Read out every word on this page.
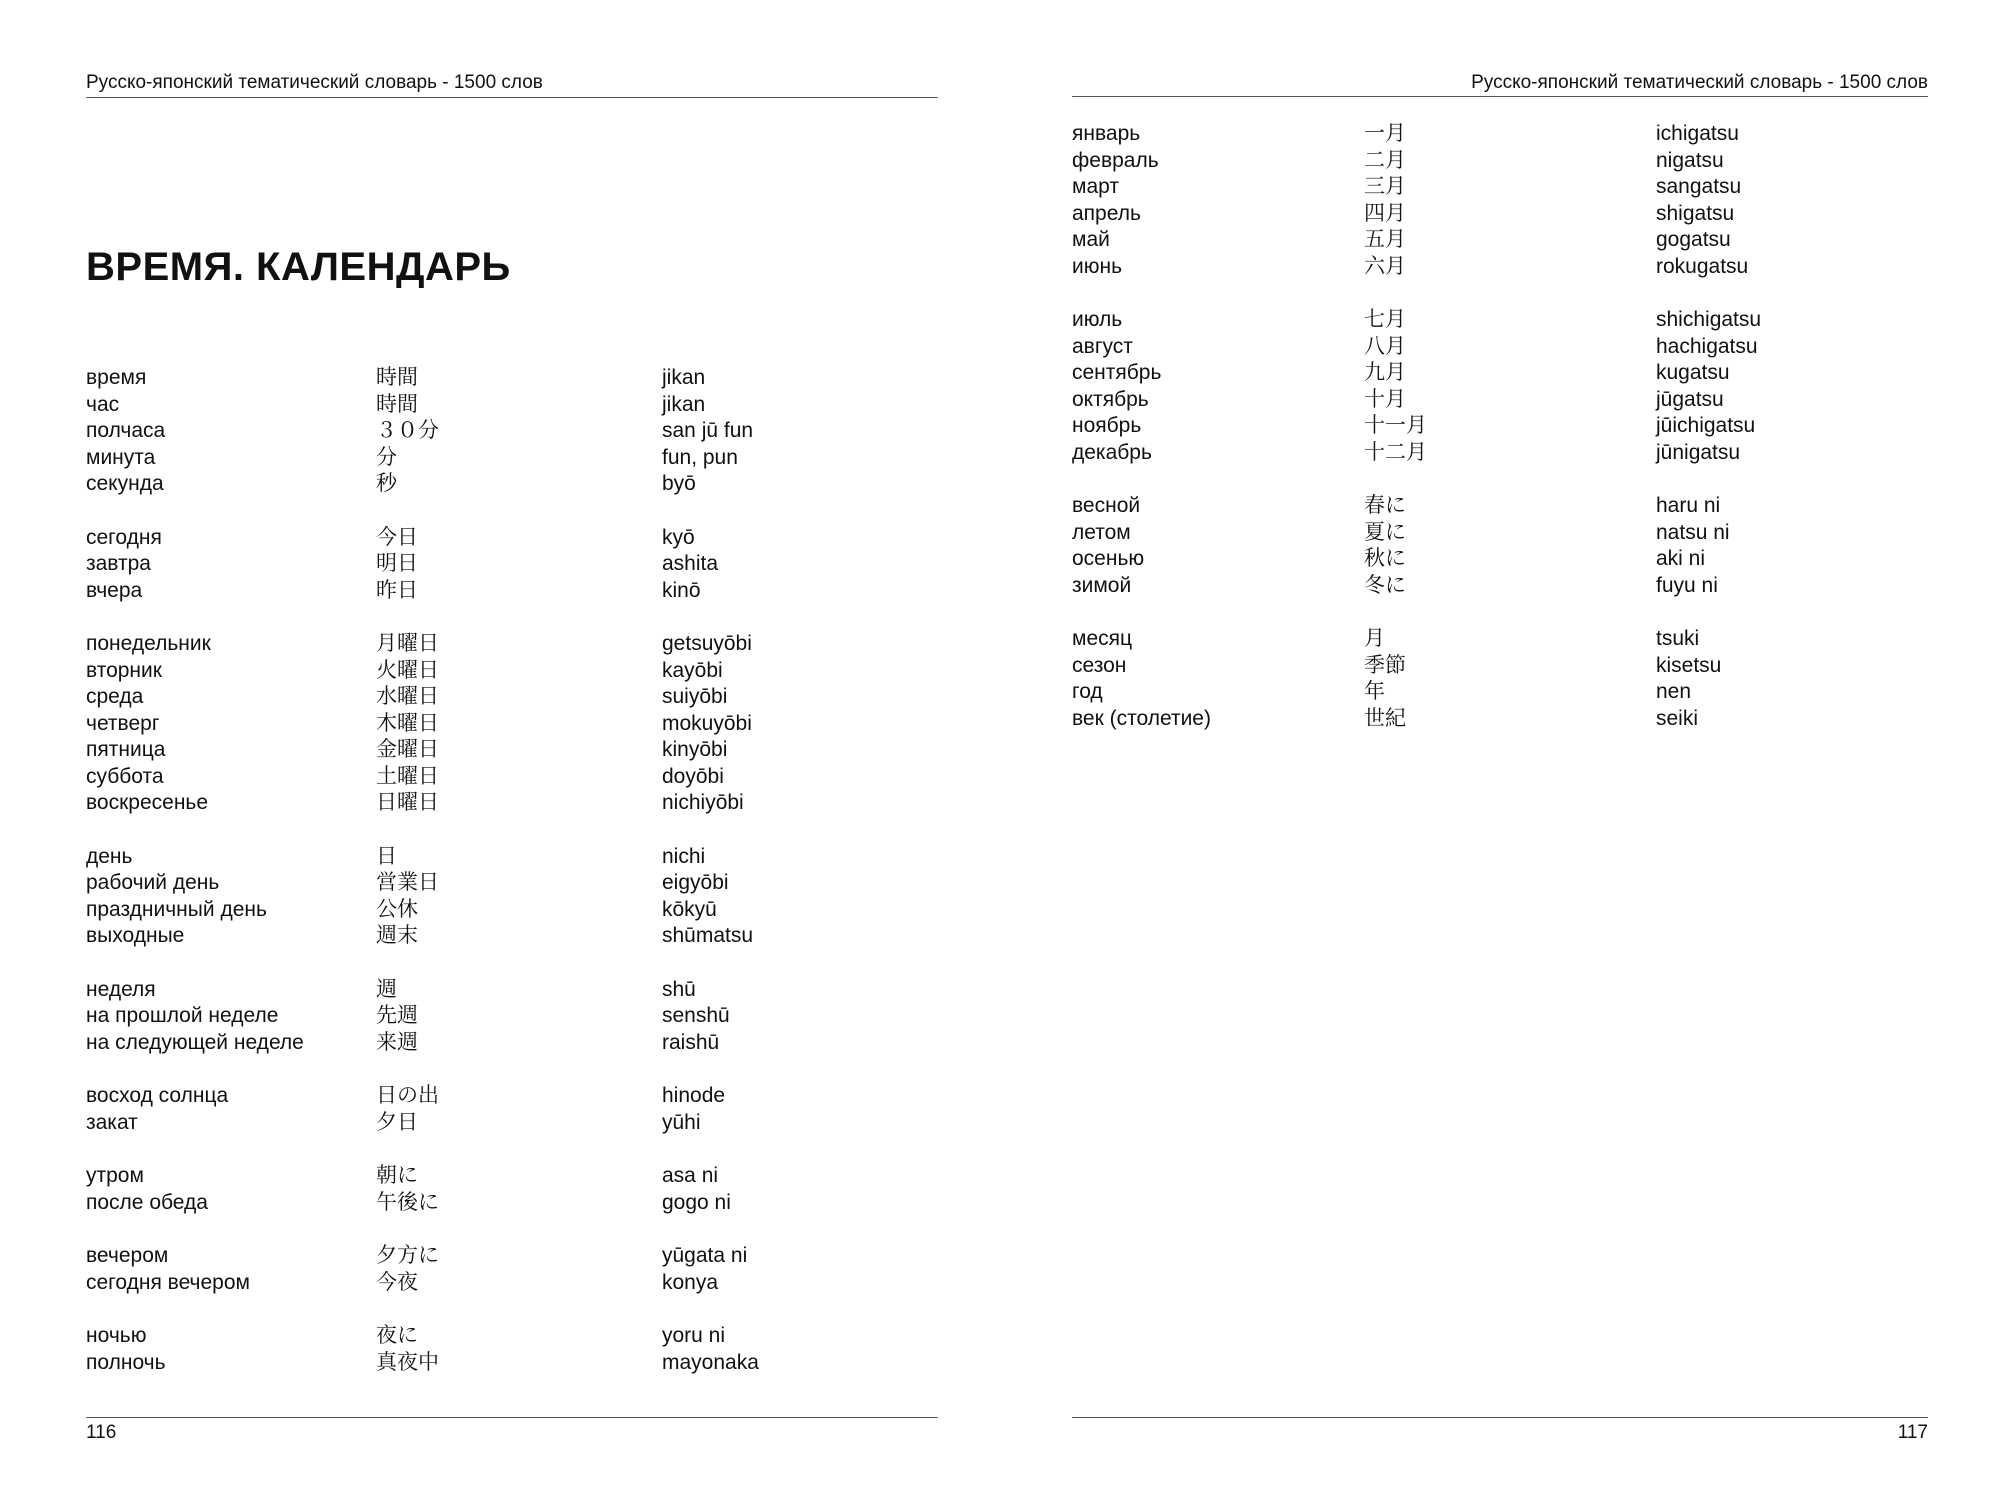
Русско-японский тематический словарь - 1500 слов
ВРЕМЯ. КАЛЕНДАРЬ
время	時間	jikan
час	時間	jikan
полчаса	３０分	san jū fun
минута	分	fun, pun
секунда	秒	byō
сегодня	今日	kyō
завтра	明日	ashita
вчера	昨日	kinō
понедельник	月曜日	getsuyōbi
вторник	火曜日	kayōbi
среда	水曜日	suiyōbi
четверг	木曜日	mokuyōbi
пятница	金曜日	kinyōbi
суббота	土曜日	doyōbi
воскресенье	日曜日	nichiyōbi
день	日	nichi
рабочий день	営業日	eigyōbi
праздничный день	公休	kōkyū
выходные	週末	shūmatsu
неделя	週	shū
на прошлой неделе	先週	senshū
на следующей неделе	来週	raishū
восход солнца	日の出	hinode
закат	夕日	yūhi
утром	朝に	asa ni
после обеда	午後に	gogo ni
вечером	夕方に	yūgata ni
сегодня вечером	今夜	konya
ночью	夜に	yoru ni
полночь	真夜中	mayonaka
116
Русско-японский тематический словарь - 1500 слов
январь	一月	ichigatsu
февраль	二月	nigatsu
март	三月	sangatsu
апрель	四月	shigatsu
май	五月	gogatsu
июнь	六月	rokugatsu
июль	七月	shichigatsu
август	八月	hachigatsu
сентябрь	九月	kugatsu
октябрь	十月	jūgatsu
ноябрь	十一月	jūichigatsu
декабрь	十二月	jūnigatsu
весной	春に	haru ni
летом	夏に	natsu ni
осенью	秋に	aki ni
зимой	冬に	fuyu ni
месяц	月	tsuki
сезон	季節	kisetsu
год	年	nen
век (столетие)	世紀	seiki
117
